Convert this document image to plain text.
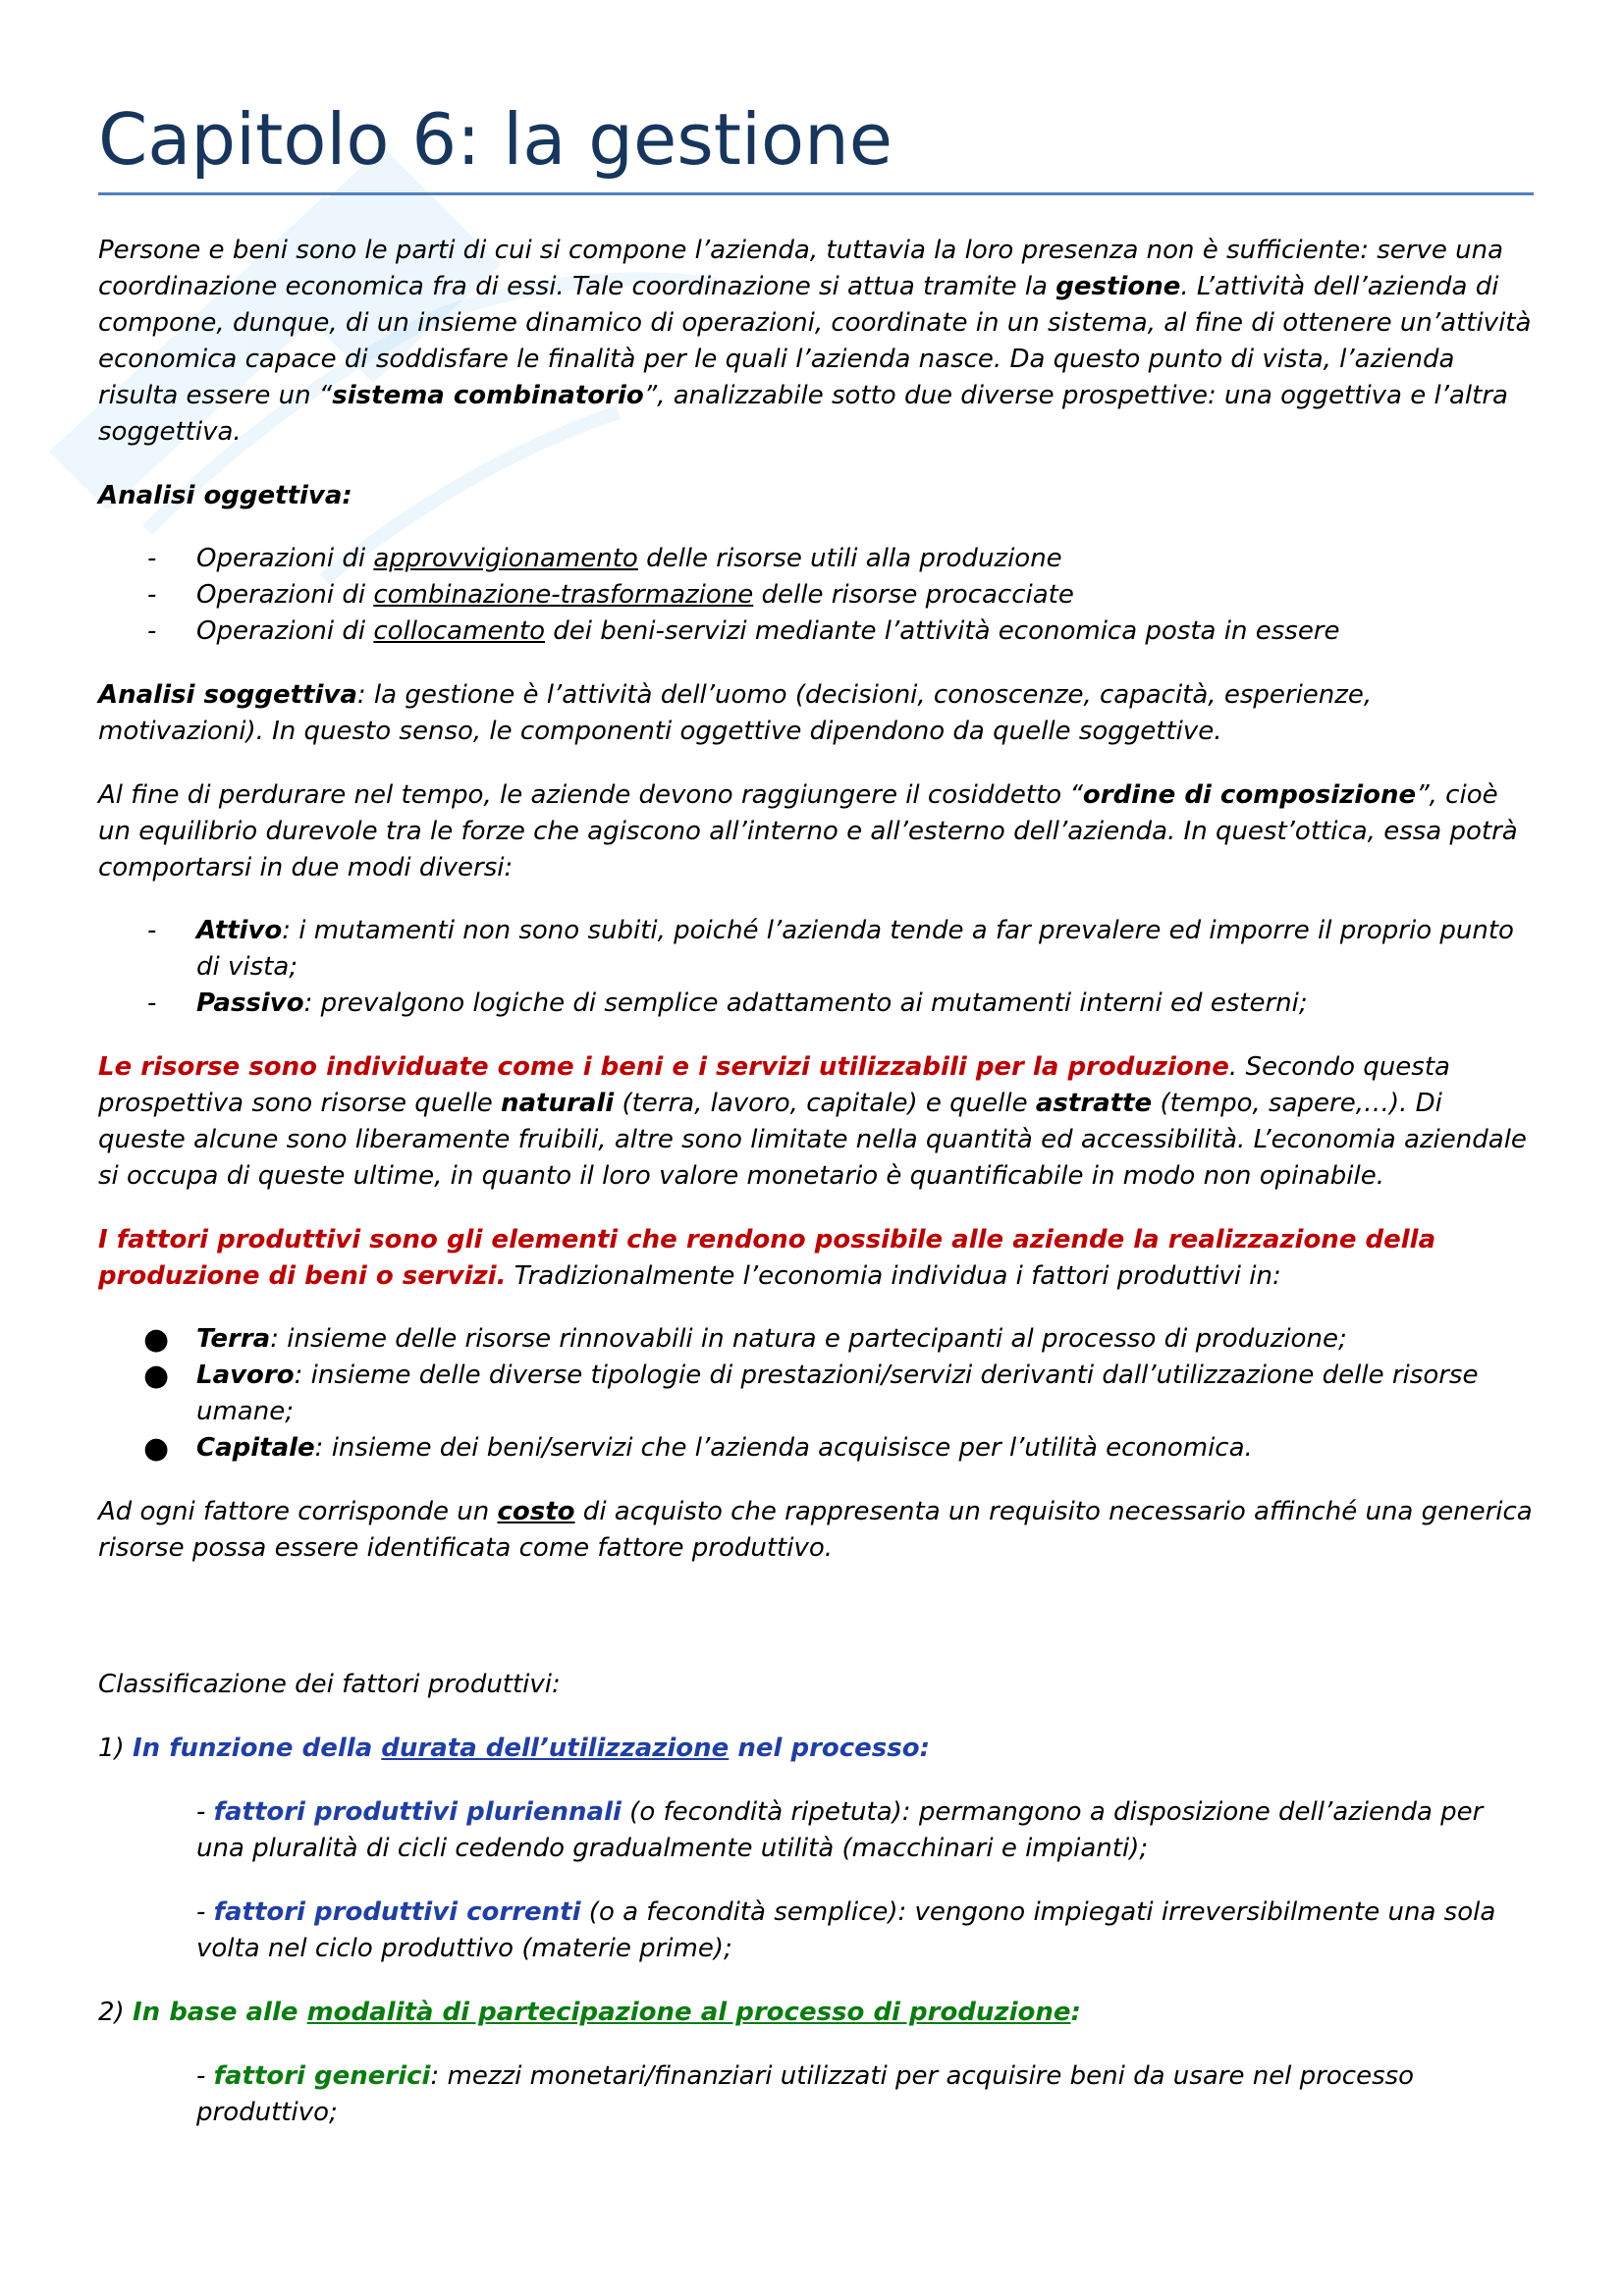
Capitolo 6: la gestione

Persone e beni sono le parti di cui si compone l’azienda, tuttavia la loro presenza non è sufficiente: serve una coordinazione economica fra di essi. Tale coordinazione si attua tramite la gestione. L’attività dell’azienda di compone, dunque, di un insieme dinamico di operazioni, coordinate in un sistema, al fine di ottenere un’attività economica capace di soddisfare le finalità per le quali l’azienda nasce. Da questo punto di vista, l’azienda risulta essere un “sistema combinatorio”, analizzabile sotto due diverse prospettive: una oggettiva e l’altra soggettiva.

Analisi oggettiva:

- Operazioni di approvvigionamento delle risorse utili alla produzione
- Operazioni di combinazione-trasformazione delle risorse procacciate
- Operazioni di collocamento dei beni-servizi mediante l’attività economica posta in essere

Analisi soggettiva: la gestione è l’attività dell’uomo (decisioni, conoscenze, capacità, esperienze, motivazioni). In questo senso, le componenti oggettive dipendono da quelle soggettive.

Al fine di perdurare nel tempo, le aziende devono raggiungere il cosiddetto “ordine di composizione”, cioè un equilibrio durevole tra le forze che agiscono all’interno e all’esterno dell’azienda. In quest’ottica, essa potrà comportarsi in due modi diversi:

- Attivo: i mutamenti non sono subiti, poiché l’azienda tende a far prevalere ed imporre il proprio punto di vista;
- Passivo: prevalgono logiche di semplice adattamento ai mutamenti interni ed esterni;

Le risorse sono individuate come i beni e i servizi utilizzabili per la produzione. Secondo questa prospettiva sono risorse quelle naturali (terra, lavoro, capitale) e quelle astratte (tempo, sapere,…). Di queste alcune sono liberamente fruibili, altre sono limitate nella quantità ed accessibilità. L’economia aziendale si occupa di queste ultime, in quanto il loro valore monetario è quantificabile in modo non opinabile.

I fattori produttivi sono gli elementi che rendono possibile alle aziende la realizzazione della produzione di beni o servizi. Tradizionalmente l’economia individua i fattori produttivi in:

● Terra: insieme delle risorse rinnovabili in natura e partecipanti al processo di produzione;
● Lavoro: insieme delle diverse tipologie di prestazioni/servizi derivanti dall’utilizzazione delle risorse umane;
● Capitale: insieme dei beni/servizi che l’azienda acquisisce per l’utilità economica.

Ad ogni fattore corrisponde un costo di acquisto che rappresenta un requisito necessario affinché una generica risorse possa essere identificata come fattore produttivo.

Classificazione dei fattori produttivi:

1) In funzione della durata dell’utilizzazione nel processo:

- fattori produttivi pluriennali (o fecondità ripetuta): permangono a disposizione dell’azienda per una pluralità di cicli cedendo gradualmente utilità (macchinari e impianti);

- fattori produttivi correnti (o a fecondità semplice): vengono impiegati irreversibilmente una sola volta nel ciclo produttivo (materie prime);

2) In base alle modalità di partecipazione al processo di produzione:

- fattori generici: mezzi monetari/finanziari utilizzati per acquisire beni da usare nel processo produttivo;
